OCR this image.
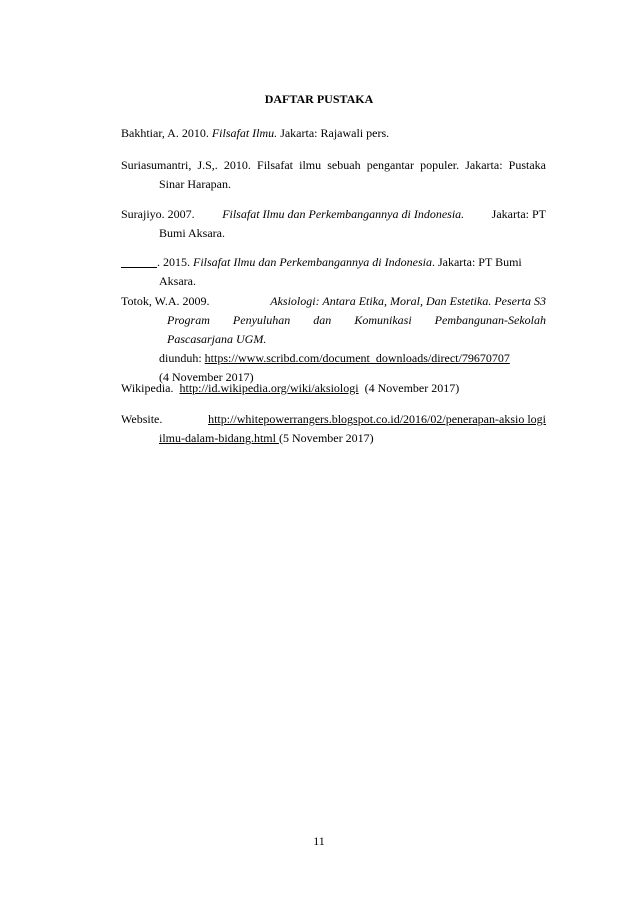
DAFTAR PUSTAKA
Bakhtiar, A. 2010. Filsafat Ilmu. Jakarta: Rajawali pers.
Suriasumantri, J.S,. 2010. Filsafat ilmu sebuah pengantar populer. Jakarta: Pustaka
Sinar Harapan.
Surajiyo. 2007. Filsafat Ilmu dan Perkembangannya di Indonesia. Jakarta: PT
Bumi Aksara.
______. 2015. Filsafat Ilmu dan Perkembangannya di Indonesia. Jakarta: PT Bumi
Aksara.
Totok, W.A. 2009.	Aksiologi: Antara Etika, Moral, Dan Estetika. Peserta S3
Program Penyuluhan dan Komunikasi Pembangunan-Sekolah
Pascasarjana UGM.
diunduh: https://www.scribd.com/document_downloads/direct/79670707
(4 November 2017)
Wikipedia. http://id.wikipedia.org/wiki/aksiologi (4 November 2017)
Website.	http://whitepowerrangers.blogspot.co.id/2016/02/penerapan-aksio logi
ilmu-dalam-bidang.html (5 November 2017)
11
